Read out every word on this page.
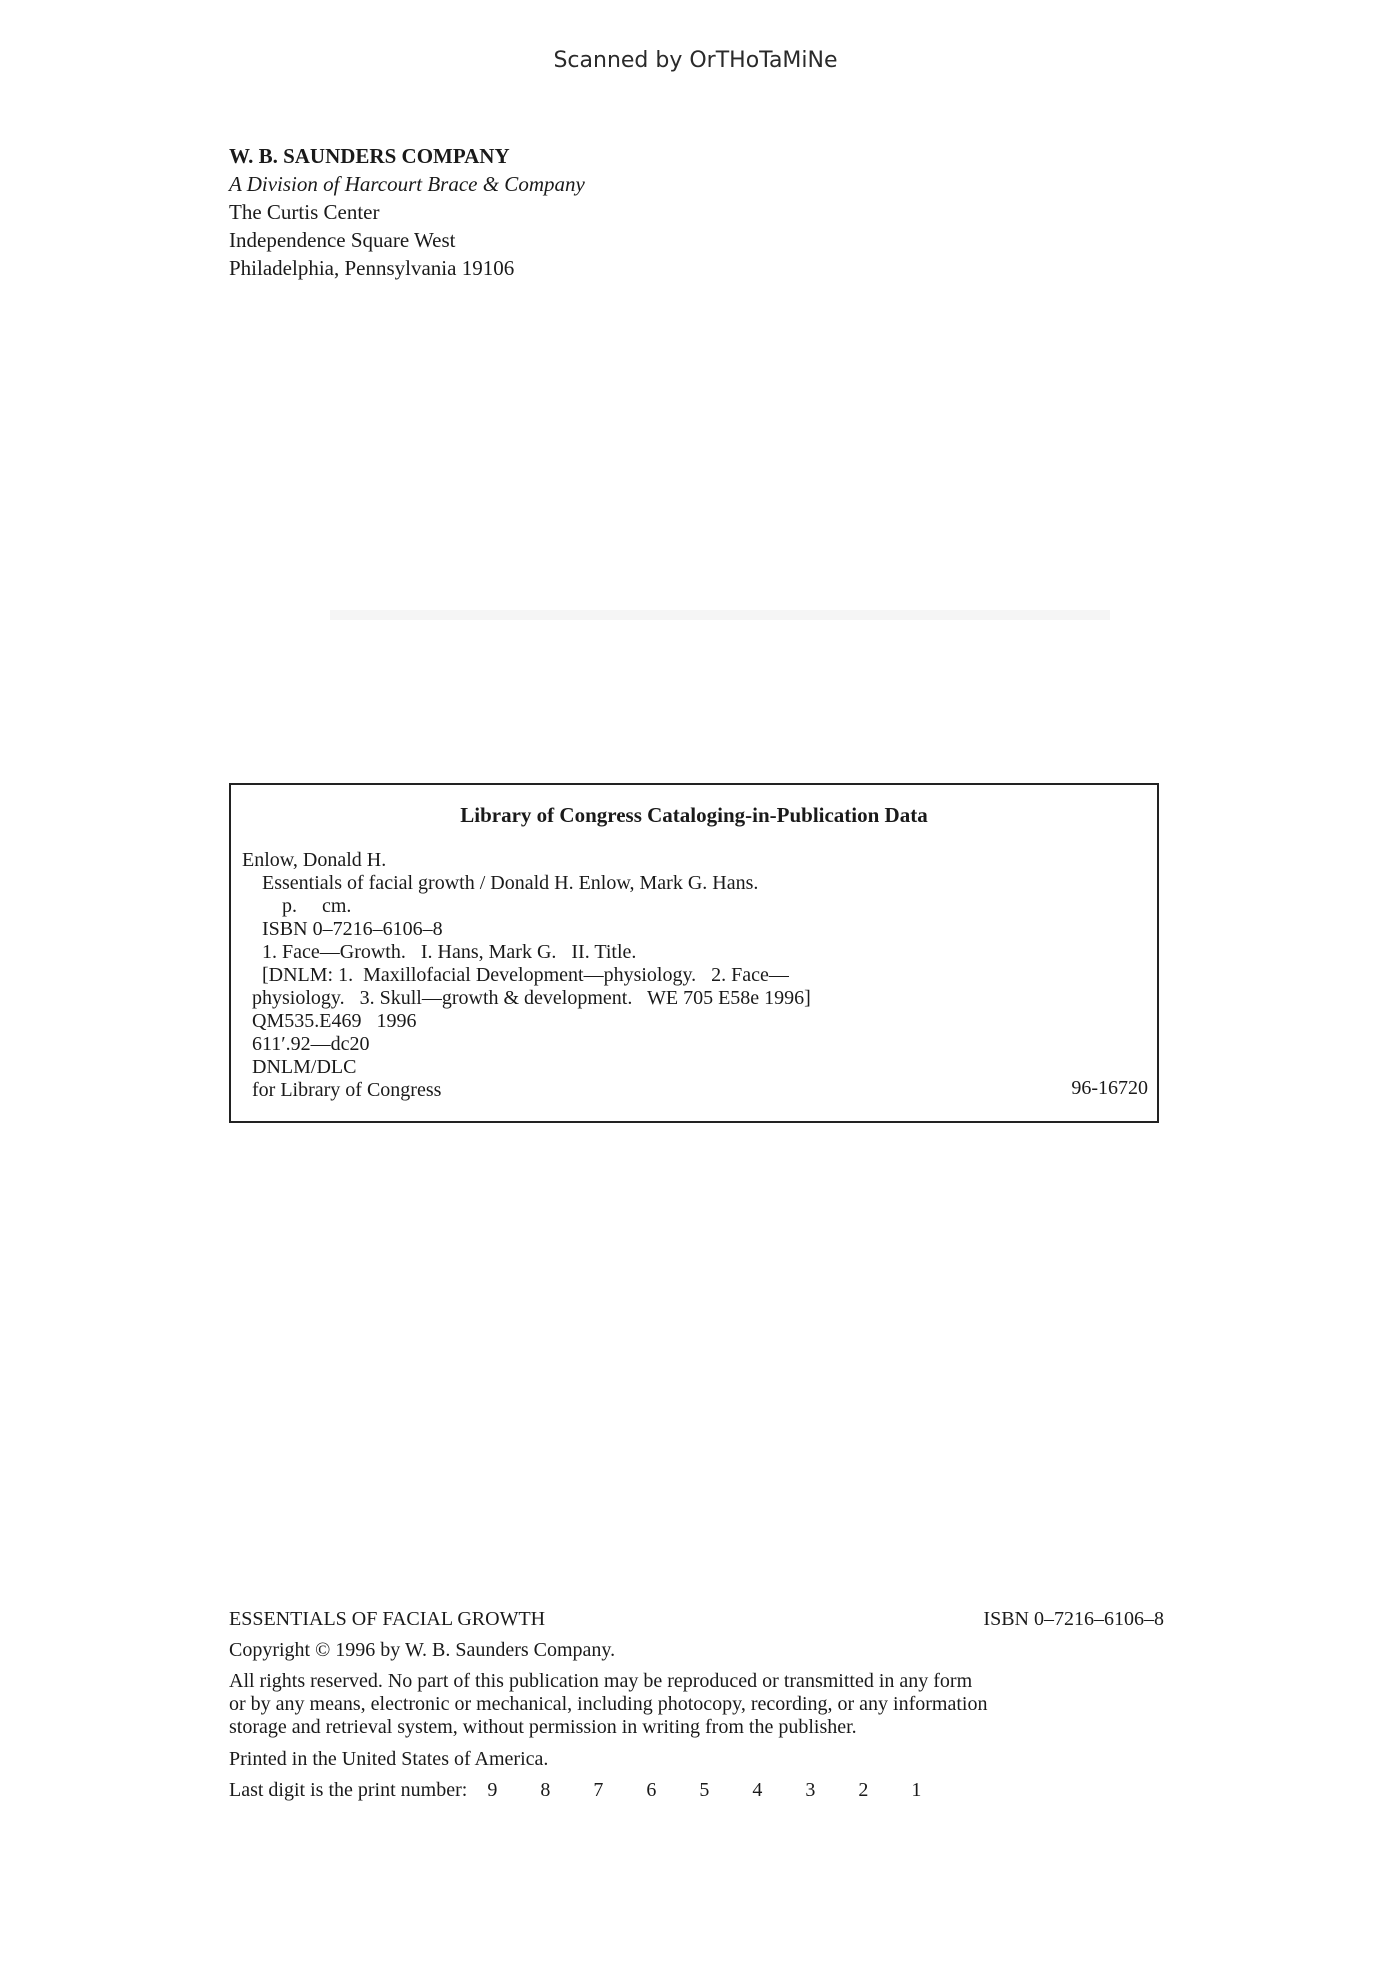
Scanned by OrTHoTaMiNe
W. B. SAUNDERS COMPANY
A Division of Harcourt Brace & Company
The Curtis Center
Independence Square West
Philadelphia, Pennsylvania 19106
Library of Congress Cataloging-in-Publication Data
Enlow, Donald H.
Essentials of facial growth / Donald H. Enlow, Mark G. Hans.
p.     cm.
ISBN 0–7216–6106–8
1. Face—Growth.   I. Hans, Mark G.   II. Title.
[DNLM: 1.  Maxillofacial Development—physiology.   2. Face—
physiology.   3. Skull—growth & development.   WE 705 E58e 1996]
QM535.E469   1996
611′.92—dc20
DNLM/DLC
for Library of Congress	96-16720
ESSENTIALS OF FACIAL GROWTH	ISBN 0–7216–6106–8
Copyright © 1996 by W. B. Saunders Company.
All rights reserved. No part of this publication may be reproduced or transmitted in any form
or by any means, electronic or mechanical, including photocopy, recording, or any information
storage and retrieval system, without permission in writing from the publisher.
Printed in the United States of America.
Last digit is the print number: 9	8	7	6	5	4	3	2	1
